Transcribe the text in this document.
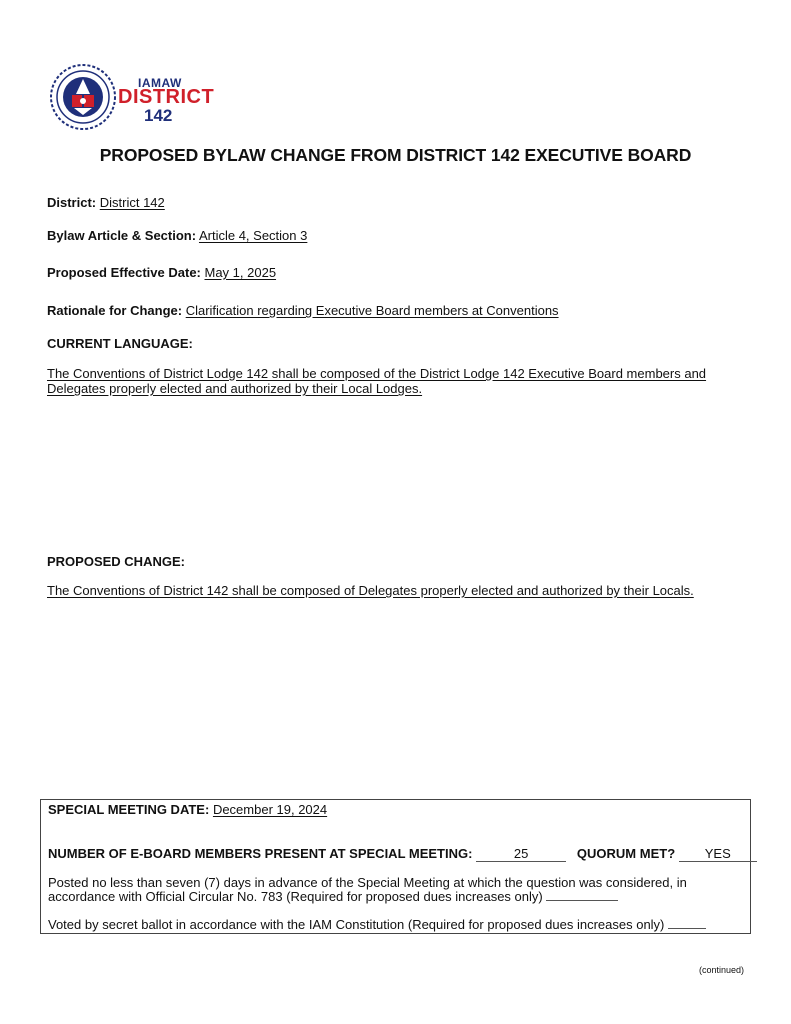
IAMAW
DISTRICT
142
PROPOSED BYLAW CHANGE FROM DISTRICT 142 EXECUTIVE BOARD
District: District 142
Bylaw Article & Section: Article 4, Section 3
Proposed Effective Date: May 1, 2025
Rationale for Change: Clarification regarding Executive Board members at Conventions
CURRENT LANGUAGE:
The Conventions of District Lodge 142 shall be composed of the District Lodge 142 Executive Board members and Delegates properly elected and authorized by their Local Lodges.
PROPOSED CHANGE:
The Conventions of District 142 shall be composed of Delegates properly elected and authorized by their Locals.
SPECIAL MEETING DATE: December 19, 2024
NUMBER OF E-BOARD MEMBERS PRESENT AT SPECIAL MEETING:	25	QUORUM MET? YES
Posted no less than seven (7) days in advance of the Special Meeting at which the question was considered, in
accordance with Official Circular No. 783 (Required for proposed dues increases only)
Voted by secret ballot in accordance with the IAM Constitution (Required for proposed dues increases only)
(continued)
